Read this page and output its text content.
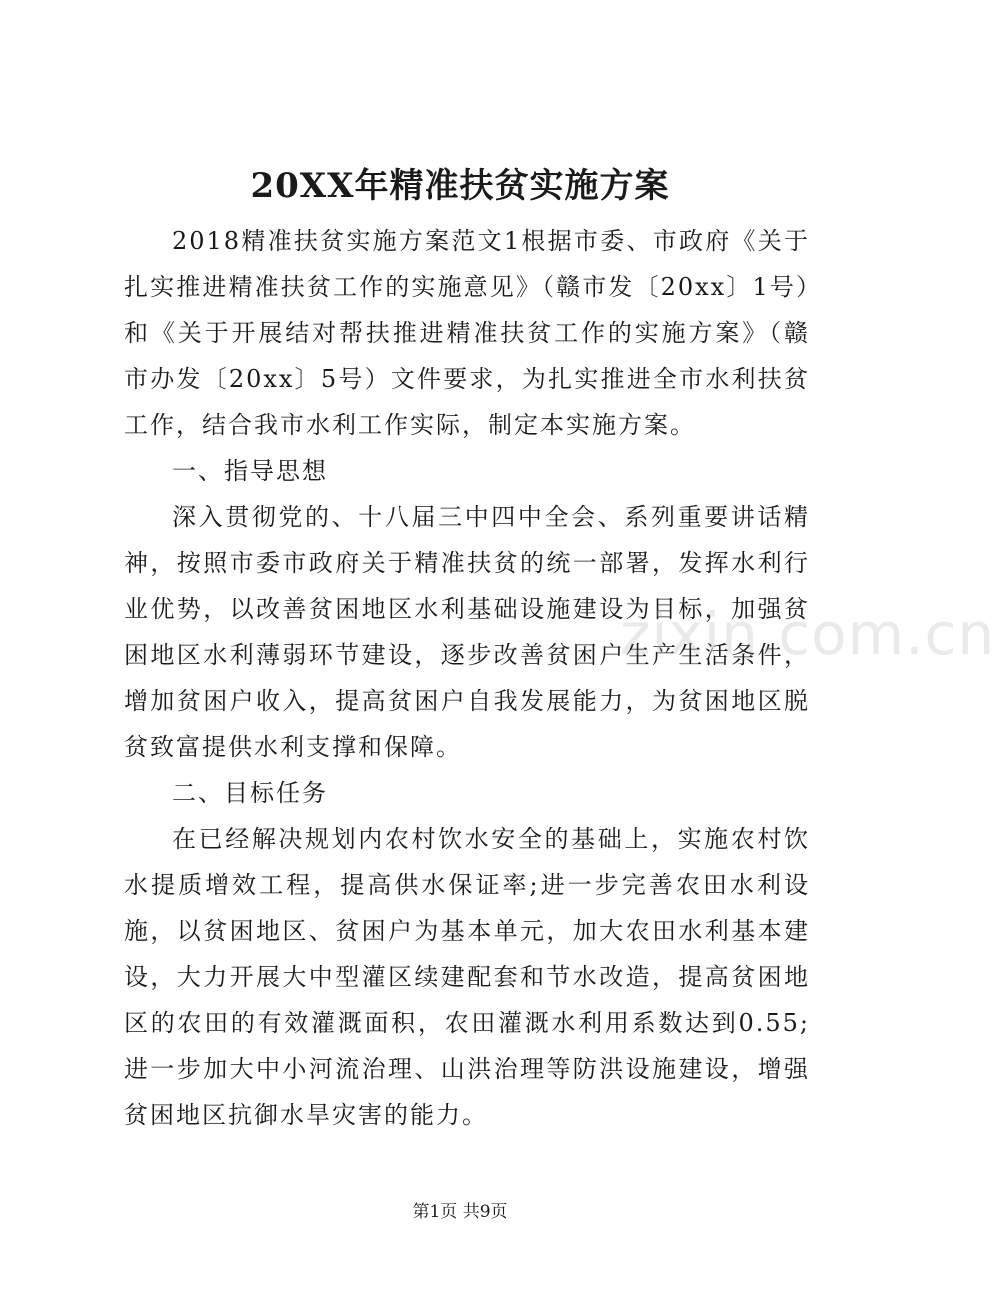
20XX年精准扶贫实施方案

2018精准扶贫实施方案范文1根据市委、市政府《关于扎实推进精准扶贫工作的实施意见》（赣市发〔20xx〕1号）和《关于开展结对帮扶推进精准扶贫工作的实施方案》（赣市办发〔20xx〕5号）文件要求，为扎实推进全市水利扶贫工作，结合我市水利工作实际，制定本实施方案。

一、指导思想

深入贯彻党的、十八届三中四中全会、系列重要讲话精神，按照市委市政府关于精准扶贫的统一部署，发挥水利行业优势，以改善贫困地区水利基础设施建设为目标，加强贫困地区水利薄弱环节建设，逐步改善贫困户生产生活条件，增加贫困户收入，提高贫困户自我发展能力，为贫困地区脱贫致富提供水利支撑和保障。

二、目标任务

在已经解决规划内农村饮水安全的基础上，实施农村饮水提质增效工程，提高供水保证率;进一步完善农田水利设施，以贫困地区、贫困户为基本单元，加大农田水利基本建设，大力开展大中型灌区续建配套和节水改造，提高贫困地区的农田的有效灌溉面积，农田灌溉水利用系数达到0.55;进一步加大中小河流治理、山洪治理等防洪设施建设，增强贫困地区抗御水旱灾害的能力。

zixin.com.cn
第1页 共9页
